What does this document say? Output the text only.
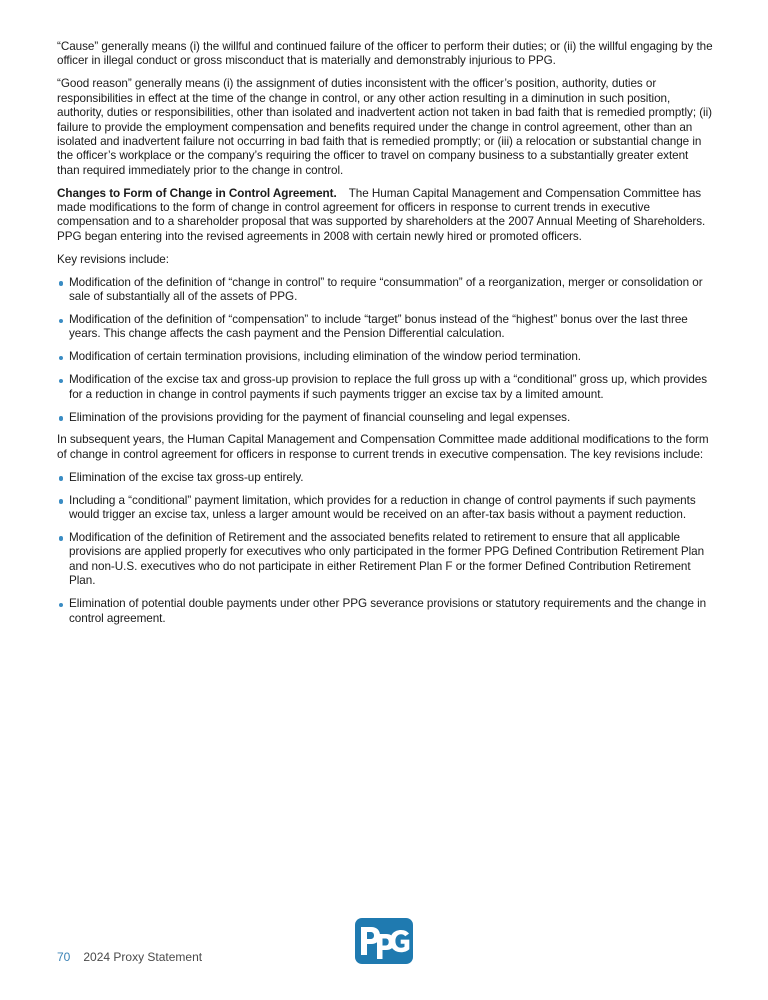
“Cause” generally means (i) the willful and continued failure of the officer to perform their duties; or (ii) the willful engaging by the officer in illegal conduct or gross misconduct that is materially and demonstrably injurious to PPG.

“Good reason” generally means (i) the assignment of duties inconsistent with the officer’s position, authority, duties or responsibilities in effect at the time of the change in control, or any other action resulting in a diminution in such position, authority, duties or responsibilities, other than isolated and inadvertent action not taken in bad faith that is remedied promptly; (ii) failure to provide the employment compensation and benefits required under the change in control agreement, other than an isolated and inadvertent failure not occurring in bad faith that is remedied promptly; or (iii) a relocation or substantial change in the officer’s workplace or the company’s requiring the officer to travel on company business to a substantially greater extent than required immediately prior to the change in control.

Changes to Form of Change in Control Agreement. The Human Capital Management and Compensation Committee has made modifications to the form of change in control agreement for officers in response to current trends in executive compensation and to a shareholder proposal that was supported by shareholders at the 2007 Annual Meeting of Shareholders. PPG began entering into the revised agreements in 2008 with certain newly hired or promoted officers.

Key revisions include:

Modification of the definition of “change in control” to require “consummation” of a reorganization, merger or consolidation or sale of substantially all of the assets of PPG.
Modification of the definition of “compensation” to include “target” bonus instead of the “highest” bonus over the last three years. This change affects the cash payment and the Pension Differential calculation.
Modification of certain termination provisions, including elimination of the window period termination.
Modification of the excise tax and gross-up provision to replace the full gross up with a “conditional” gross up, which provides for a reduction in change in control payments if such payments trigger an excise tax by a limited amount.
Elimination of the provisions providing for the payment of financial counseling and legal expenses.

In subsequent years, the Human Capital Management and Compensation Committee made additional modifications to the form of change in control agreement for officers in response to current trends in executive compensation. The key revisions include:

Elimination of the excise tax gross-up entirely.
Including a “conditional” payment limitation, which provides for a reduction in change of control payments if such payments would trigger an excise tax, unless a larger amount would be received on an after-tax basis without a payment reduction.
Modification of the definition of Retirement and the associated benefits related to retirement to ensure that all applicable provisions are applied properly for executives who only participated in the former PPG Defined Contribution Retirement Plan and non-U.S. executives who do not participate in either Retirement Plan F or the former Defined Contribution Retirement Plan.
Elimination of potential double payments under other PPG severance provisions or statutory requirements and the change in control agreement.
70 2024 Proxy Statement
